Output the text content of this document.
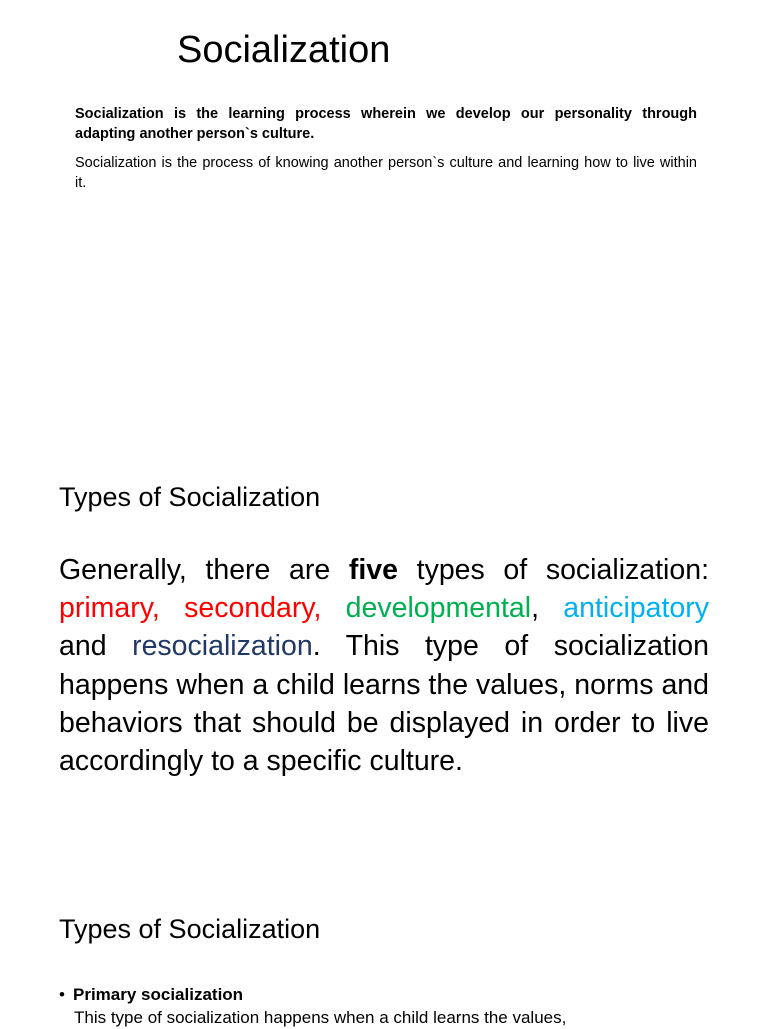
Socialization
Socialization is the learning process wherein we develop our personality through adapting another person`s culture.
Socialization is the process of knowing another person`s culture and learning how to live within it.
Types of Socialization
Generally, there are five types of socialization: primary, secondary, developmental, anticipatory and resocialization. This type of socialization happens when a child learns the values, norms and behaviors that should be displayed in order to live accordingly to a specific culture.
Types of Socialization
• Primary socialization
This type of socialization happens when a child learns the values,
